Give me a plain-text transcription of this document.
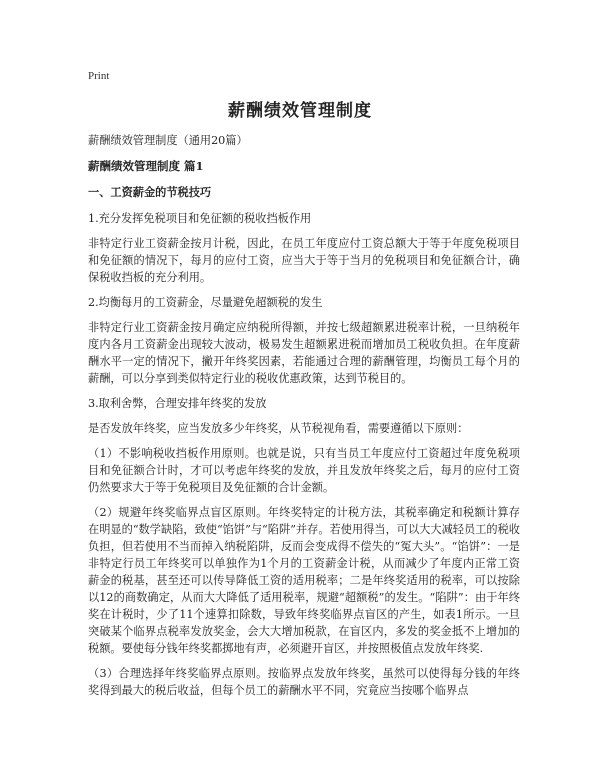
Print
薪酬绩效管理制度

薪酬绩效管理制度（通用20篇）

薪酬绩效管理制度 篇1

一、工资薪金的节税技巧

1.充分发挥免税项目和免征额的税收挡板作用

非特定行业工资薪金按月计税，因此，在员工年度应付工资总额大于等于年度免税项目和免征额的情况下，每月的应付工资，应当大于等于当月的免税项目和免征额合计，确保税收挡板的充分利用。

2.均衡每月的工资薪金，尽量避免超额税的发生

非特定行业工资薪金按月确定应纳税所得额，并按七级超额累进税率计税，一旦纳税年度内各月工资薪金出现较大波动，极易发生超额累进税而增加员工税收负担。在年度薪酬水平一定的情况下，撇开年终奖因素，若能通过合理的薪酬管理，均衡员工每个月的薪酬，可以分享到类似特定行业的税收优惠政策，达到节税目的。

3.取利舍弊，合理安排年终奖的发放

是否发放年终奖，应当发放多少年终奖，从节税视角看，需要遵循以下原则：

（1）不影响税收挡板作用原则。也就是说，只有当员工年度应付工资超过年度免税项目和免征额合计时，才可以考虑年终奖的发放，并且发放年终奖之后，每月的应付工资仍然要求大于等于免税项目及免征额的合计金额。

（2）规避年终奖临界点盲区原则。年终奖特定的计税方法，其税率确定和税额计算存在明显的“数学缺陷，致使“馅饼”与“陷阱”并存。若使用得当，可以大大减轻员工的税收负担，但若使用不当而掉入纳税陷阱，反而会变成得不偿失的“冤大头”。“馅饼”：一是非特定行员工年终奖可以单独作为1个月的工资薪金计税，从而减少了年度内正常工资薪金的税基，甚至还可以传导降低工资的适用税率；二是年终奖适用的税率，可以按除以12的商数确定，从而大大降低了适用税率，规避“超额税”的发生。“陷阱”：由于年终奖在计税时，少了11个速算扣除数，导致年终奖临界点盲区的产生，如表1所示。一旦突破某个临界点税率发放奖金，会大大增加税款，在盲区内，多发的奖金抵不上增加的税额。要使每分钱年终奖都掷地有声，必须避开盲区，并按照极值点发放年终奖.

（3）合理选择年终奖临界点原则。按临界点发放年终奖，虽然可以使得每分钱的年终奖得到最大的税后收益，但每个员工的薪酬水平不同，究竟应当按哪个临界点
